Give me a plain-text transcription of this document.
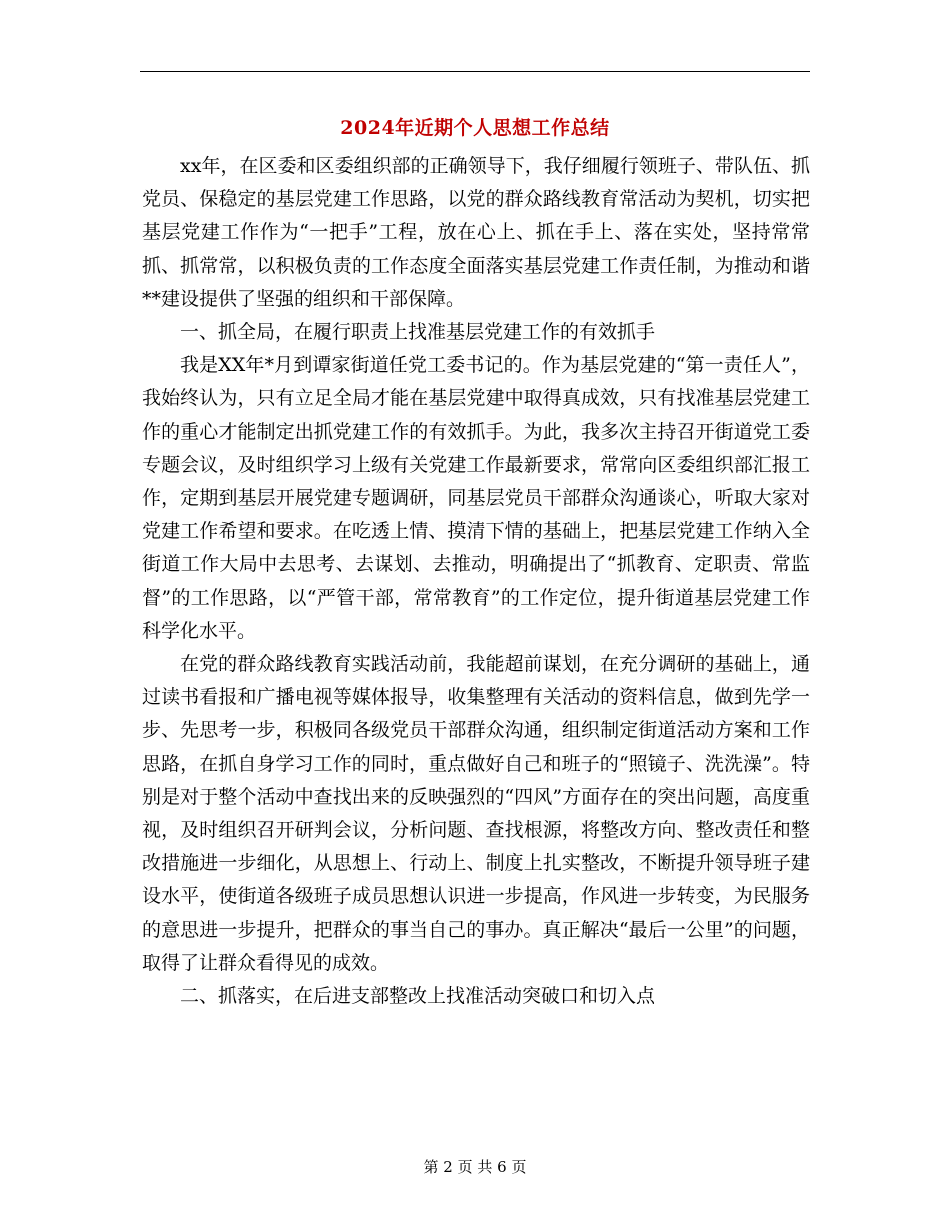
2024年近期个人思想工作总结

xx年，在区委和区委组织部的正确领导下，我仔细履行领班子、带队伍、抓党员、保稳定的基层党建工作思路，以党的群众路线教育常活动为契机，切实把基层党建工作作为“一把手”工程，放在心上、抓在手上、落在实处，坚持常常抓、抓常常，以积极负责的工作态度全面落实基层党建工作责任制，为推动和谐**建设提供了坚强的组织和干部保障。

一、抓全局，在履行职责上找准基层党建工作的有效抓手

我是XX年*月到谭家街道任党工委书记的。作为基层党建的“第一责任人”，我始终认为，只有立足全局才能在基层党建中取得真成效，只有找准基层党建工作的重心才能制定出抓党建工作的有效抓手。为此，我多次主持召开街道党工委专题会议，及时组织学习上级有关党建工作最新要求，常常向区委组织部汇报工作，定期到基层开展党建专题调研，同基层党员干部群众沟通谈心，听取大家对党建工作希望和要求。在吃透上情、摸清下情的基础上，把基层党建工作纳入全街道工作大局中去思考、去谋划、去推动，明确提出了“抓教育、定职责、常监督”的工作思路，以“严管干部，常常教育”的工作定位，提升街道基层党建工作科学化水平。

在党的群众路线教育实践活动前，我能超前谋划，在充分调研的基础上，通过读书看报和广播电视等媒体报导，收集整理有关活动的资料信息，做到先学一步、先思考一步，积极同各级党员干部群众沟通，组织制定街道活动方案和工作思路，在抓自身学习工作的同时，重点做好自己和班子的“照镜子、洗洗澡”。特别是对于整个活动中查找出来的反映强烈的“四风”方面存在的突出问题，高度重视，及时组织召开研判会议，分析问题、查找根源，将整改方向、整改责任和整改措施进一步细化，从思想上、行动上、制度上扎实整改，不断提升领导班子建设水平，使街道各级班子成员思想认识进一步提高，作风进一步转变，为民服务的意思进一步提升，把群众的事当自己的事办。真正解决“最后一公里”的问题，取得了让群众看得见的成效。

二、抓落实，在后进支部整改上找准活动突破口和切入点

第 2 页 共 6 页
